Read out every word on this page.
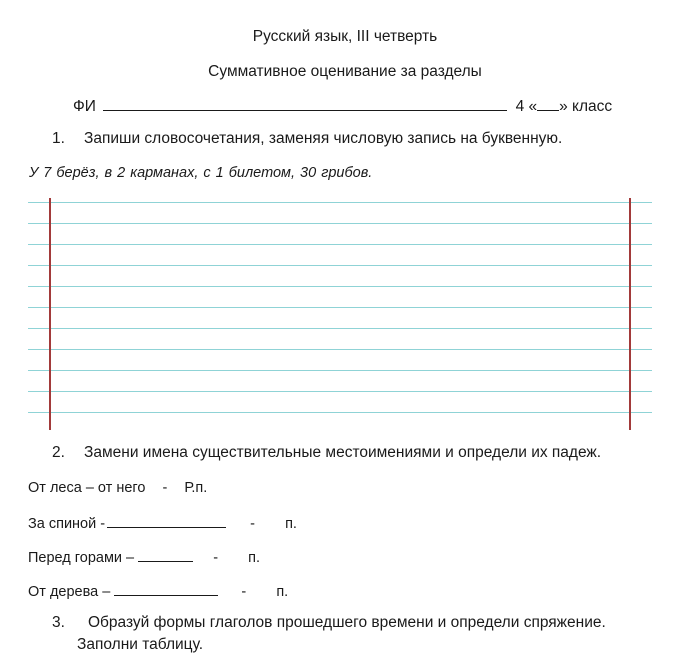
Русский язык, III четверть
Суммативное оценивание за разделы
ФИ	4 « » класс
1. Запиши словосочетания, заменяя числовую запись на буквенную.
У 7 берёз, в 2 карманах, с 1 билетом, 30 грибов.
2. Замени имена существительные местоимениями и определи их падеж.
От леса – от него - Р.п.
За спиной -	- п.
Перед горами –	- п.
От дерева –	- п.
3. Образуй формы глаголов прошедшего времени и определи спряжение.
Заполни таблицу.
